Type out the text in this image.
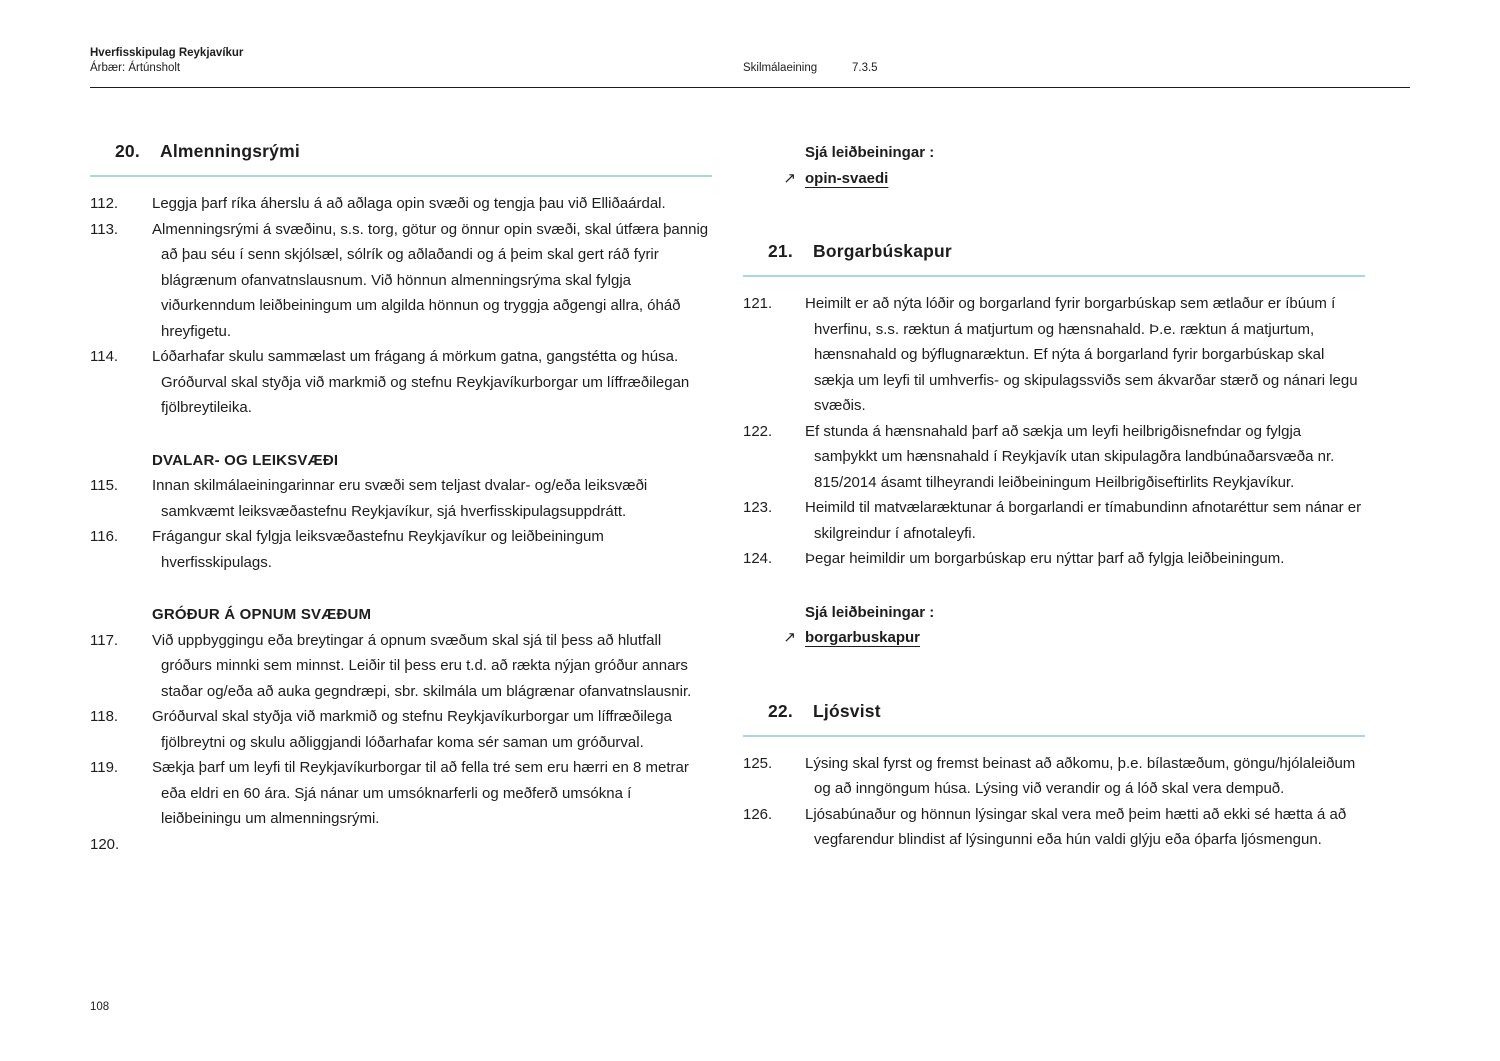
Hverfisskipulag Reykjavíkur
Árbær: Ártúnsholt	Skilmálaeining	7.3.5
20.	Almenningsrými
112.	Leggja þarf ríka áherslu á að aðlaga opin svæði og tengja þau við Elliðaárdal.
113.	Almenningsrými á svæðinu, s.s. torg, götur og önnur opin svæði, skal útfæra þannig að þau séu í senn skjólsæl, sólrík og aðlaðandi og á þeim skal gert ráð fyrir blágrænum ofanvatnslausnum. Við hönnun almenningsrýma skal fylgja viðurkenndum leiðbeiningum um algilda hönnun og tryggja aðgengi allra, óháð hreyfigetu.
114.	Lóðarhafar skulu sammælast um frágang á mörkum gatna, gangstétta og húsa. Gróðurval skal styðja við markmið og stefnu Reykjavíkurborgar um líffræðilegan fjölbreytileika.
DVALAR- OG LEIKSVÆÐI
115.	Innan skilmálaeiningarinnar eru svæði sem teljast dvalar- og/eða leiksvæði samkvæmt leiksvæðastefnu Reykjavíkur, sjá hverfisskipulagsuppdrátt.
116.	Frágangur skal fylgja leiksvæðastefnu Reykjavíkur og leiðbeiningum hverfisskipulags.
GRÓÐUR Á OPNUM SVÆÐUM
117.	Við uppbyggingu eða breytingar á opnum svæðum skal sjá til þess að hlutfall gróðurs minnki sem minnst. Leiðir til þess eru t.d. að rækta nýjan gróður annars staðar og/eða að auka gegndræpi, sbr. skilmála um blágrænar ofanvatnslausnir.
118.	Gróðurval skal styðja við markmið og stefnu Reykjavíkurborgar um líffræðilega fjölbreytni og skulu aðliggjandi lóðarhafar koma sér saman um gróðurval.
119.	Sækja þarf um leyfi til Reykjavíkurborgar til að fella tré sem eru hærri en 8 metrar eða eldri en 60 ára. Sjá nánar um umsóknarferli og meðferð umsókna í leiðbeiningu um almenningsrými.
120.
Sjá leiðbeiningar :
↗ opin-svaedi
21.	Borgarbúskapur
121.	Heimilt er að nýta lóðir og borgarland fyrir borgarbúskap sem ætlaður er íbúum í hverfinu, s.s. ræktun á matjurtum og hænsnahald. Þ.e. ræktun á matjurtum, hænsnahald og býflugnaræktun. Ef nýta á borgarland fyrir borgarbúskap skal sækja um leyfi til umhverfis- og skipulagssviðs sem ákvarðar stærð og nánari legu svæðis.
122.	Ef stunda á hænsnahald þarf að sækja um leyfi heilbrigðisnefndar og fylgja samþykkt um hænsnahald í Reykjavík utan skipulagðra landbúnaðarsvæða nr. 815/2014 ásamt tilheyrandi leiðbeiningum Heilbrigðiseftirlits Reykjavíkur.
123.	Heimild til matvælaræktunar á borgarlandi er tímabundinn afnotaréttur sem nánar er skilgreindur í afnotaleyfi.
124.	Þegar heimildir um borgarbúskap eru nýttar þarf að fylgja leiðbeiningum.
Sjá leiðbeiningar :
↗ borgarbuskapur
22.	Ljósvist
125.	Lýsing skal fyrst og fremst beinast að aðkomu, þ.e. bílastæðum, göngu/hjólaleiðum og að inngöngum húsa. Lýsing við verandir og á lóð skal vera dempuð.
126.	Ljósabúnaður og hönnun lýsingar skal vera með þeim hætti að ekki sé hætta á að vegfarendur blindist af lýsingunni eða hún valdi glýju eða óþarfa ljósmengun.
108
